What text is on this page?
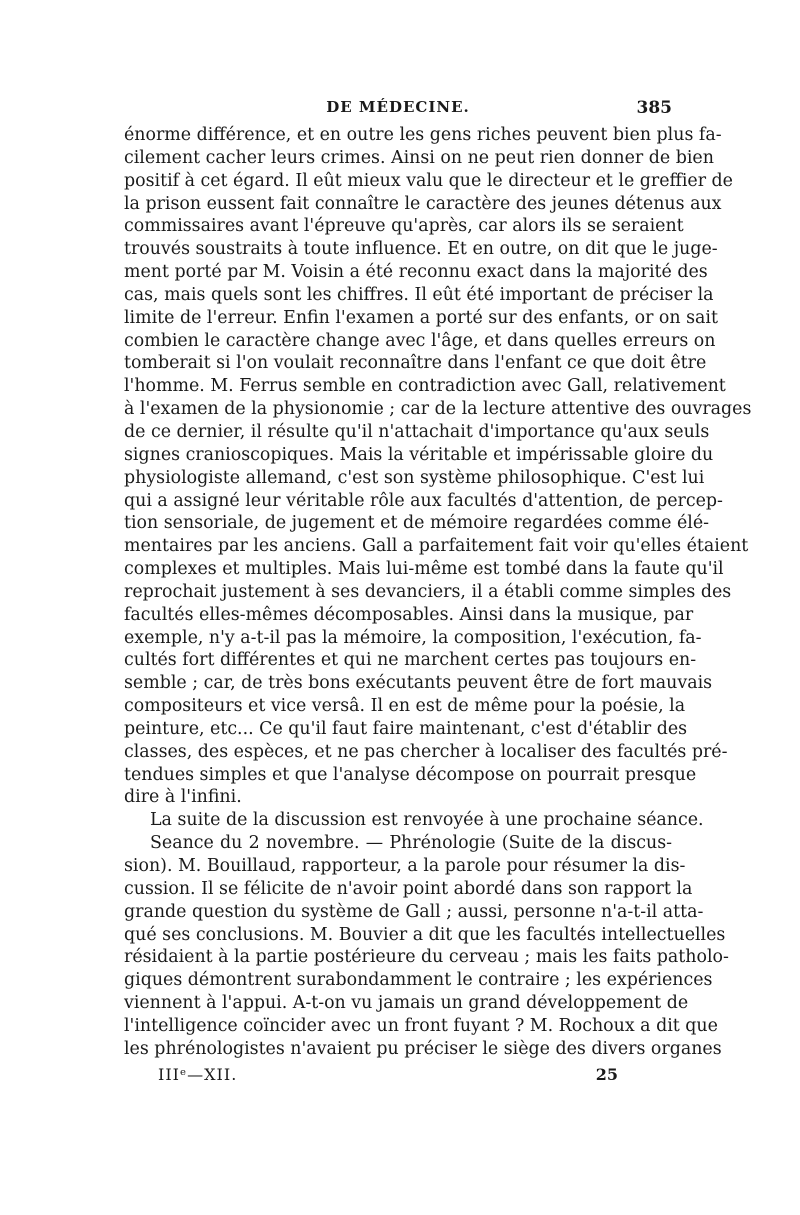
DE MÉDECINE.	385
énorme différence, et en outre les gens riches peuvent bien plus fa-
cilement cacher leurs crimes. Ainsi on ne peut rien donner de bien
positif à cet égard. Il eût mieux valu que le directeur et le greffier de
la prison eussent fait connaître le caractère des jeunes détenus aux
commissaires avant l'épreuve qu'après, car alors ils se seraient
trouvés soustraits à toute influence. Et en outre, on dit que le juge-
ment porté par M. Voisin a été reconnu exact dans la majorité des
cas, mais quels sont les chiffres. Il eût été important de préciser la
limite de l'erreur. Enfin l'examen a porté sur des enfants, or on sait
combien le caractère change avec l'âge, et dans quelles erreurs on
tomberait si l'on voulait reconnaître dans l'enfant ce que doit être
l'homme. M. Ferrus semble en contradiction avec Gall, relativement
à l'examen de la physionomie ; car de la lecture attentive des ouvrages
de ce dernier, il résulte qu'il n'attachait d'importance qu'aux seuls
signes cranioscopiques. Mais la véritable et impérissable gloire du
physiologiste allemand, c'est son système philosophique. C'est lui
qui a assigné leur véritable rôle aux facultés d'attention, de percep-
tion sensoriale, de jugement et de mémoire regardées comme élé-
mentaires par les anciens. Gall a parfaitement fait voir qu'elles étaient
complexes et multiples. Mais lui-même est tombé dans la faute qu'il
reprochait justement à ses devanciers, il a établi comme simples des
facultés elles-mêmes décomposables. Ainsi dans la musique, par
exemple, n'y a-t-il pas la mémoire, la composition, l'exécution, fa-
cultés fort différentes et qui ne marchent certes pas toujours en-
semble ; car, de très bons exécutants peuvent être de fort mauvais
compositeurs et vice versâ. Il en est de même pour la poésie, la
peinture, etc... Ce qu'il faut faire maintenant, c'est d'établir des
classes, des espèces, et ne pas chercher à localiser des facultés pré-
tendues simples et que l'analyse décompose on pourrait presque
dire à l'infini.
La suite de la discussion est renvoyée à une prochaine séance.
Seance du 2 novembre. — Phrénologie (Suite de la discus-
sion). M. Bouillaud, rapporteur, a la parole pour résumer la dis-
cussion. Il se félicite de n'avoir point abordé dans son rapport la
grande question du système de Gall ; aussi, personne n'a-t-il atta-
qué ses conclusions. M. Bouvier a dit que les facultés intellectuelles
résidaient à la partie postérieure du cerveau ; mais les faits patholo-
giques démontrent surabondamment le contraire ; les expériences
viennent à l'appui. A-t-on vu jamais un grand développement de
l'intelligence coïncider avec un front fuyant ? M. Rochoux a dit que
les phrénologistes n'avaient pu préciser le siège des divers organes
IIIᵉ—XII.	25
